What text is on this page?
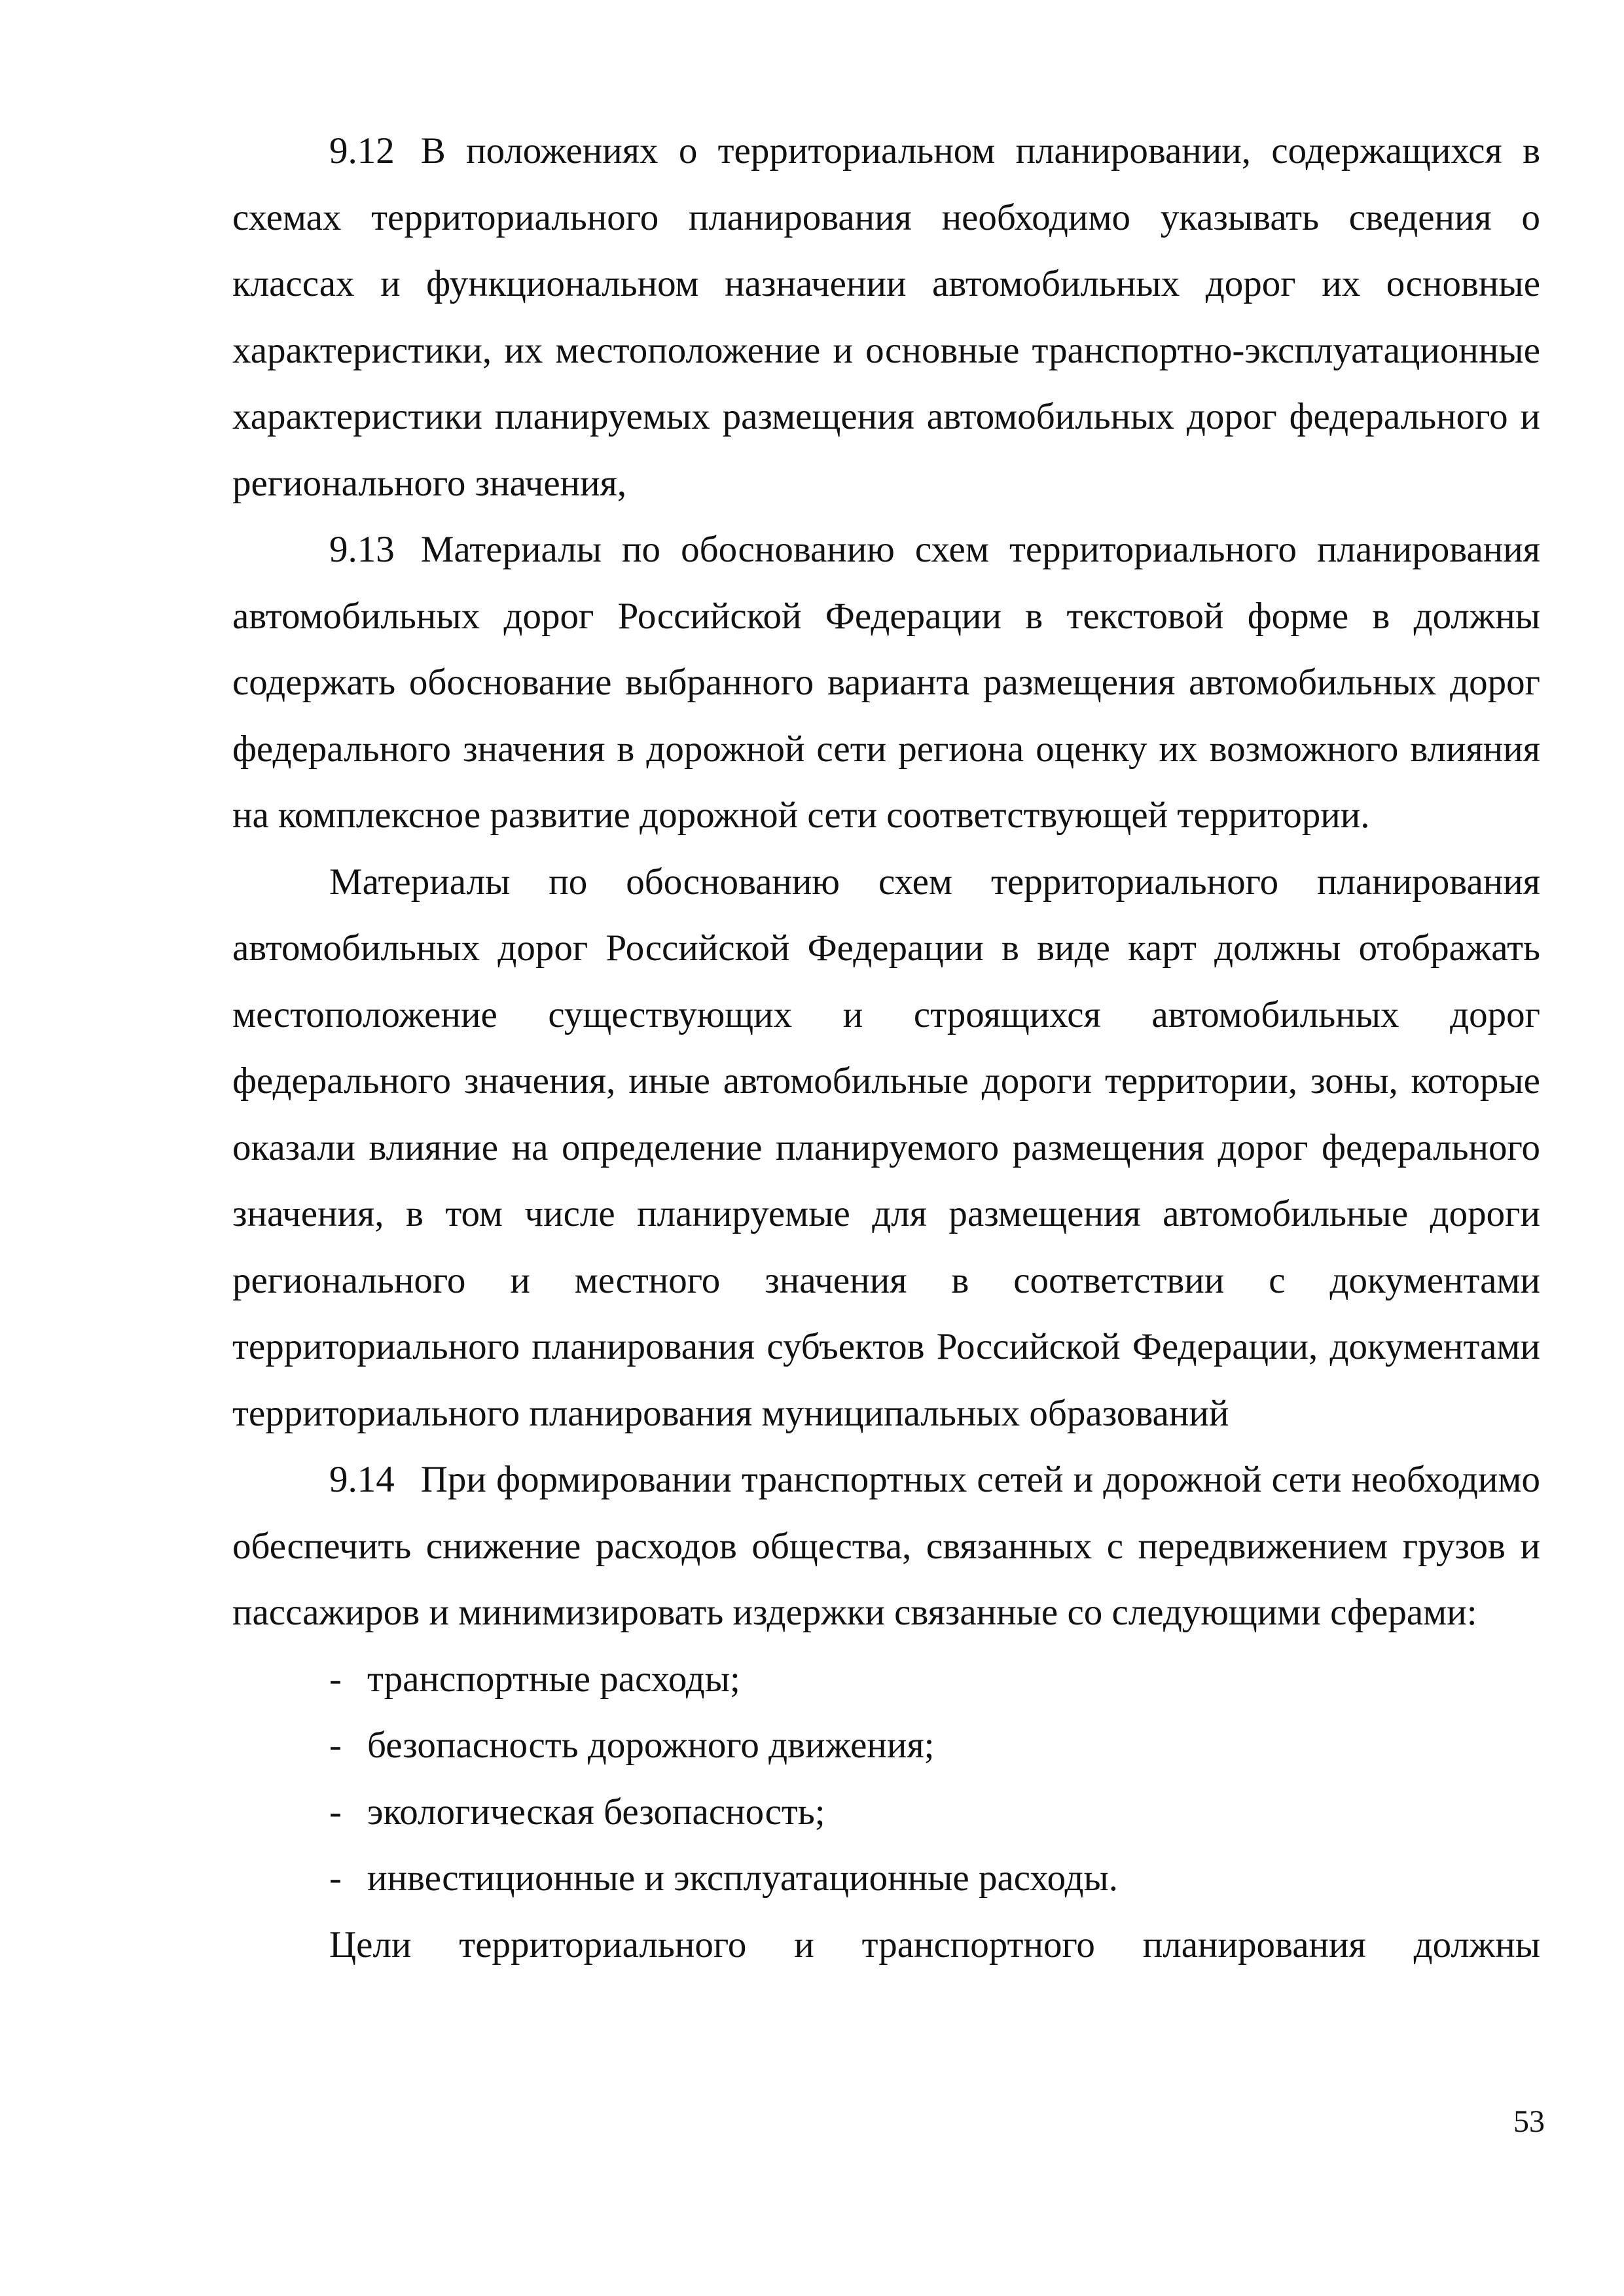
9.12 В положениях о территориальном планировании, содержащихся в схемах территориального планирования необходимо указывать сведения о классах и функциональном назначении автомобильных дорог их основные характеристики, их местоположение и основные транспортно-эксплуатационные характеристики планируемых размещения автомобильных дорог федерального и регионального значения,

9.13 Материалы по обоснованию схем территориального планирования автомобильных дорог Российской Федерации в текстовой форме в должны содержать обоснование выбранного варианта размещения автомобильных дорог федерального значения в дорожной сети региона оценку их возможного влияния на комплексное развитие дорожной сети соответствующей территории.

Материалы по обоснованию схем территориального планирования автомобильных дорог Российской Федерации в виде карт должны отображать местоположение существующих и строящихся автомобильных дорог федерального значения, иные автомобильные дороги территории, зоны, которые оказали влияние на определение планируемого размещения дорог федерального значения, в том числе планируемые для размещения автомобильные дороги регионального и местного значения в соответствии с документами территориального планирования субъектов Российской Федерации, документами территориального планирования муниципальных образований

9.14 При формировании транспортных сетей и дорожной сети необходимо обеспечить снижение расходов общества, связанных с передвижением грузов и пассажиров и минимизировать издержки связанные со следующими сферами:

- транспортные расходы;
- безопасность дорожного движения;
- экологическая безопасность;
- инвестиционные и эксплуатационные расходы.

Цели территориального и транспортного планирования должны

53
